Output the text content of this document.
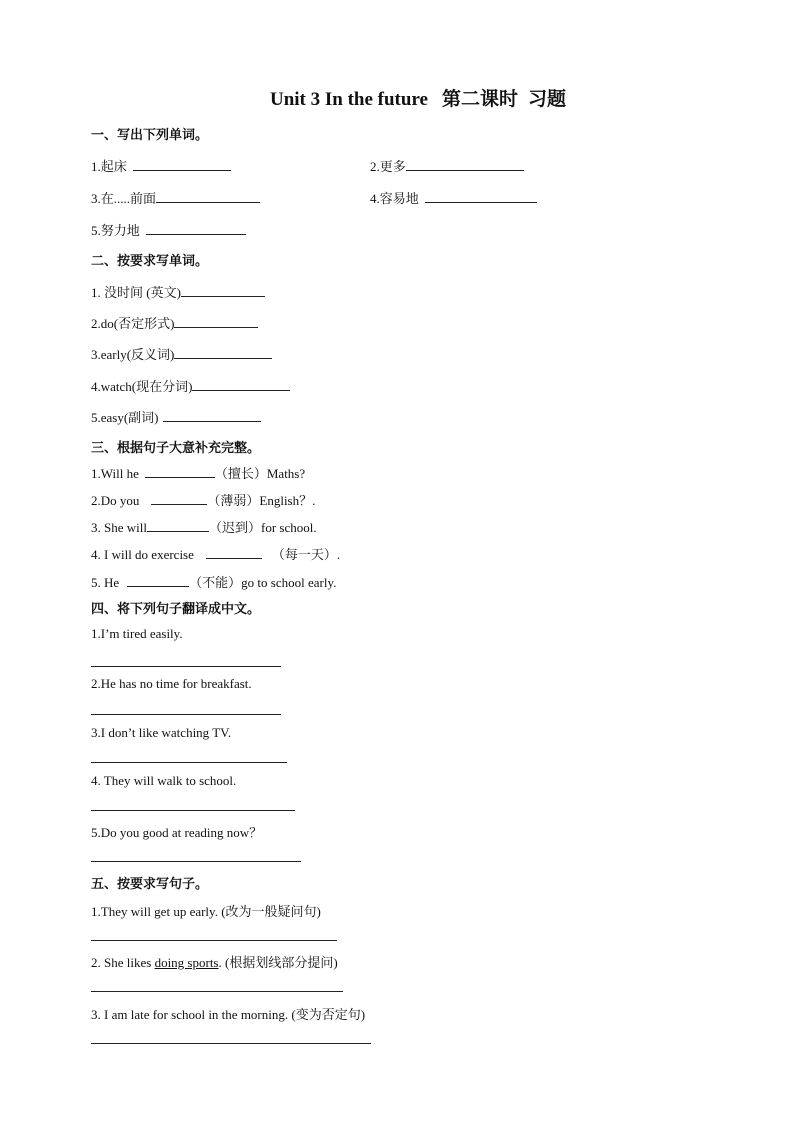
Unit 3 In the future 第二课时 习题
一、写出下列单词。
1.起床	2.更多
3.在.....前面	4.容易地
5.努力地
二、按要求写单词。
1. 没时间 (英文)
2.do(否定形式)
3.early(反义词)
4.watch(现在分词)
5.easy(副词)
三、根据句子大意补充完整。
1.Will he	（擅长）Maths?
2.Do you	（薄弱）English？.
3. She will	（迟到）for school.
4. I will do exercise	（每一天）.
5. He	（不能）go to school early.
四、将下列句子翻译成中文。
1.I’m tired easily.
2.He has no time for breakfast.
3.I don’t like watching TV.
4. They will walk to school.
5.Do you good at reading now？
五、按要求写句子。
1.They will get up early. (改为一般疑问句)
2. She likes doing sports. (根据划线部分提问)
3. I am late for school in the morning. (变为否定句)
